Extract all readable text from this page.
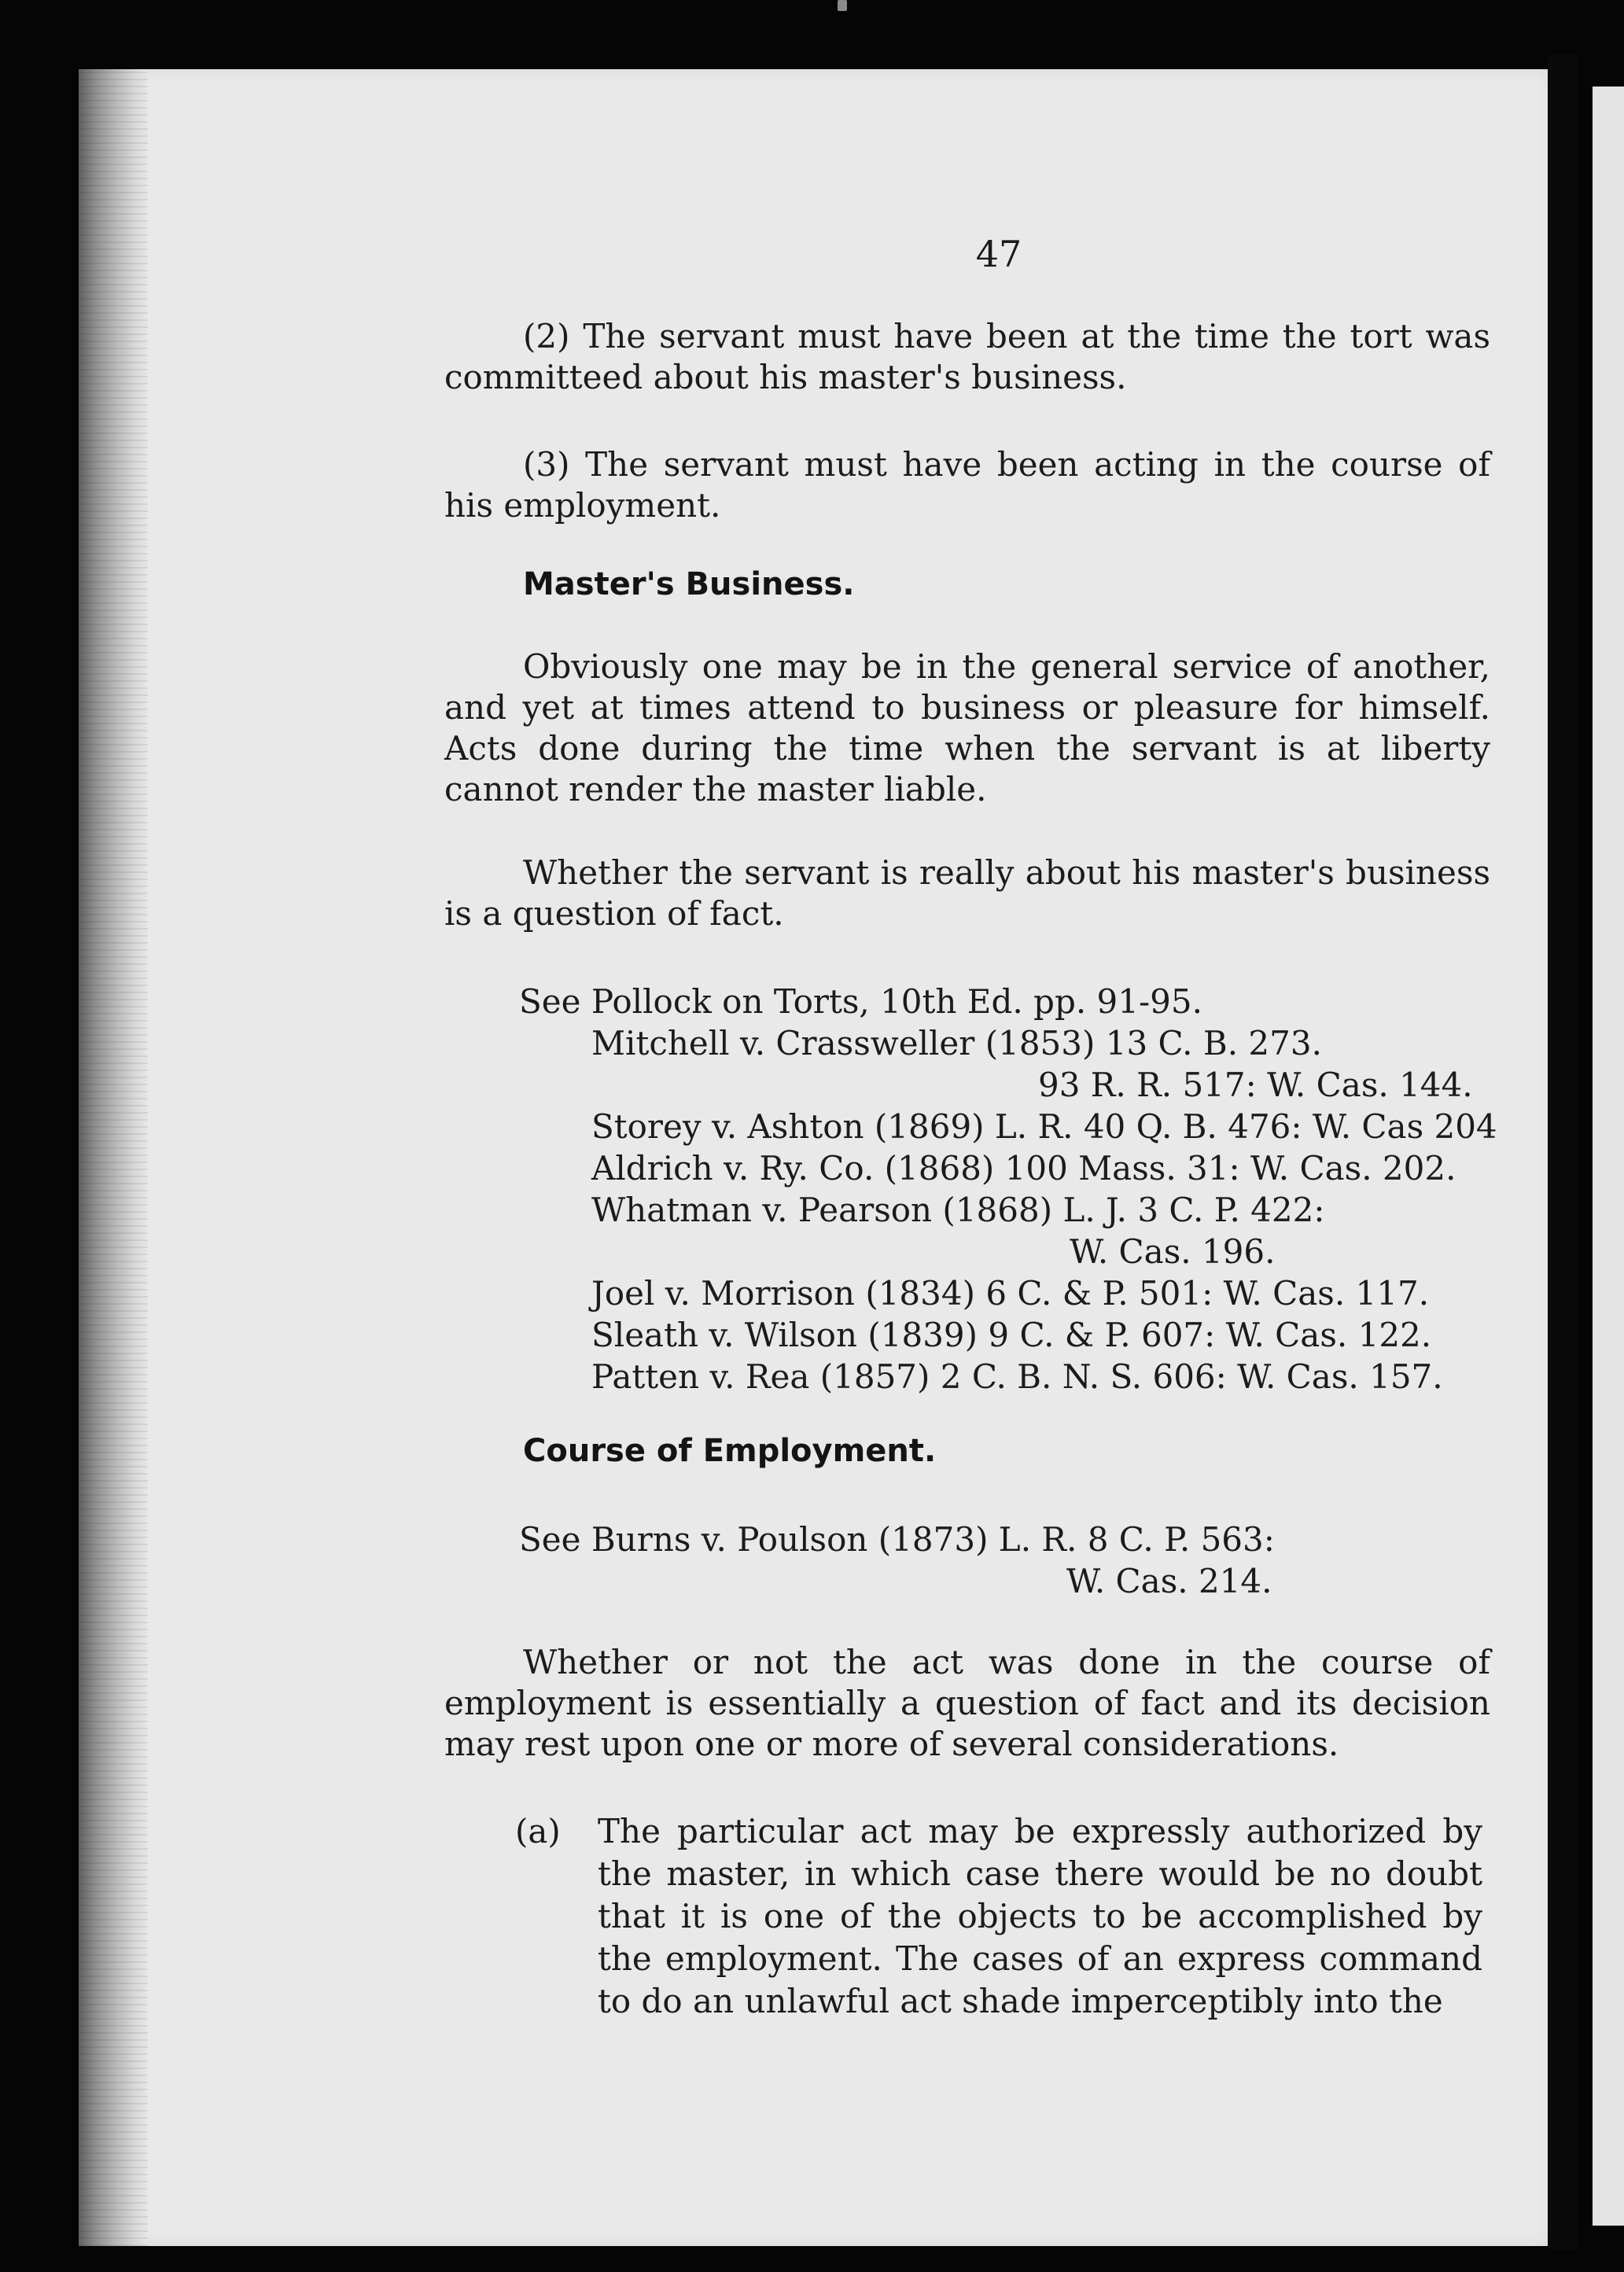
47

(2) The servant must have been at the time the tort was committeed about his master's business.

(3) The servant must have been acting in the course of his employment.

Master's Business.

Obviously one may be in the general service of another, and yet at times attend to business or pleasure for himself. Acts done during the time when the servant is at liberty cannot render the master liable.

Whether the servant is really about his master's business is a question of fact.

See Pollock on Torts, 10th Ed. pp. 91-95.

Mitchell v. Crassweller (1853) 13 C. B. 273.

93 R. R. 517: W. Cas. 144.

Storey v. Ashton (1869) L. R. 40 Q. B. 476: W. Cas 204

Aldrich v. Ry. Co. (1868) 100 Mass. 31: W. Cas. 202.

Whatman v. Pearson (1868) L. J. 3 C. P. 422:

W. Cas. 196.

Joel v. Morrison (1834) 6 C. & P. 501: W. Cas. 117.

Sleath v. Wilson (1839) 9 C. & P. 607: W. Cas. 122.

Patten v. Rea (1857) 2 C. B. N. S. 606: W. Cas. 157.

Course of Employment.

See Burns v. Poulson (1873) L. R. 8 C. P. 563:

W. Cas. 214.

Whether or not the act was done in the course of employment is essentially a question of fact and its decision may rest upon one or more of several considerations.

(a) The particular act may be expressly authorized by the master, in which case there would be no doubt that it is one of the objects to be accomplished by the employment. The cases of an express command to do an unlawful act shade imperceptibly into the
